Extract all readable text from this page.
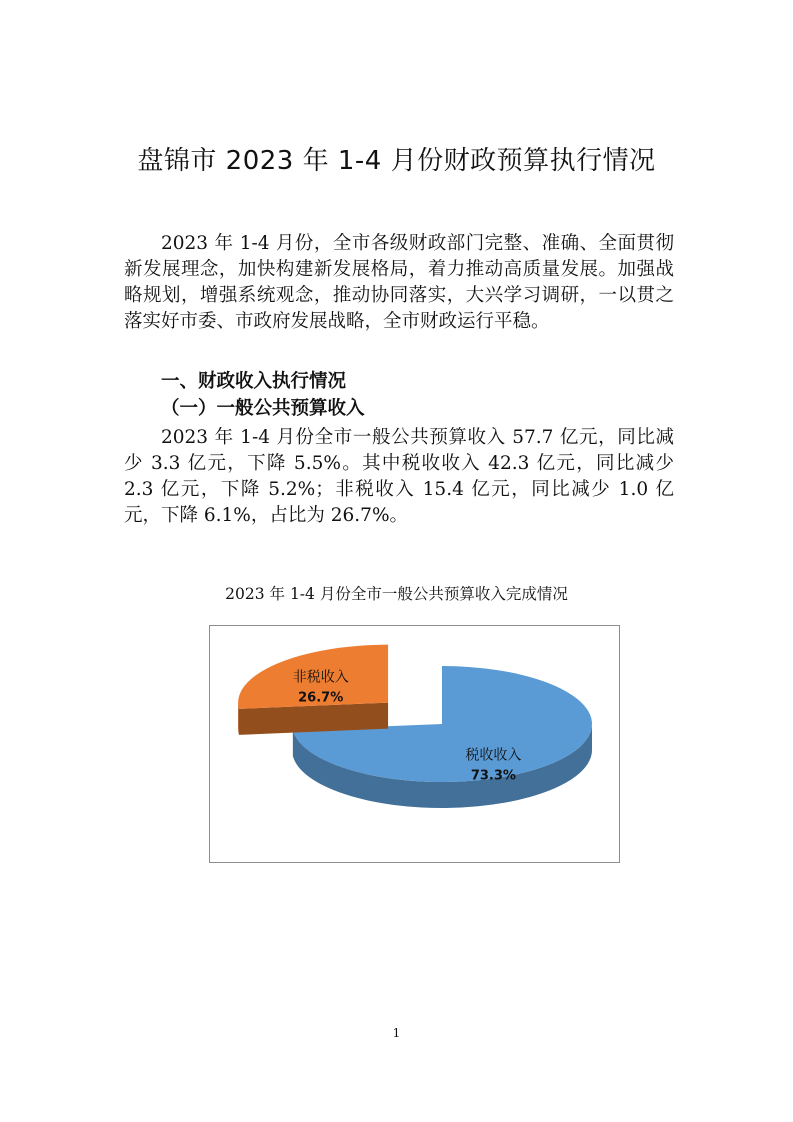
盘锦市 2023 年 1-4 月份财政预算执行情况

2023 年 1-4 月份，全市各级财政部门完整、准确、全面贯彻新发展理念，加快构建新发展格局，着力推动高质量发展。加强战略规划，增强系统观念，推动协同落实，大兴学习调研，一以贯之落实好市委、市政府发展战略，全市财政运行平稳。

一、财政收入执行情况
（一）一般公共预算收入

2023 年 1-4 月份全市一般公共预算收入 57.7 亿元，同比减少 3.3 亿元，下降 5.5%。其中税收收入 42.3 亿元，同比减少 2.3 亿元，下降 5.2%；非税收入 15.4 亿元，同比减少 1.0 亿元，下降 6.1%，占比为 26.7%。

2023 年 1-4 月份全市一般公共预算收入完成情况
税收收入
73.3%
非税收入
26.7%
1
